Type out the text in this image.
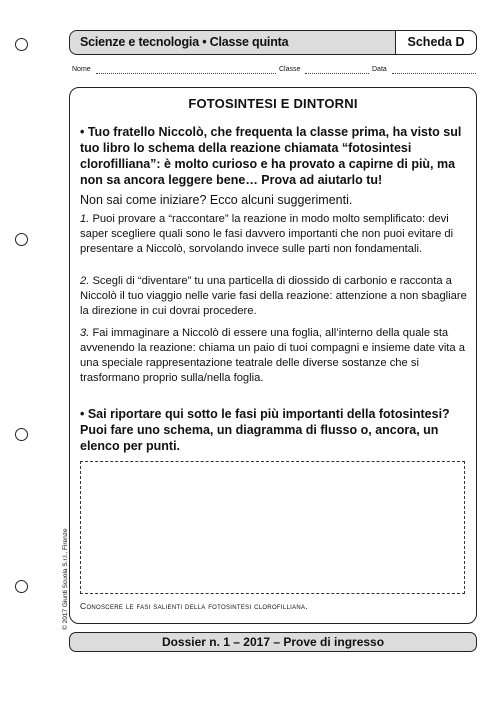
Scienze e tecnologia • Classe quinta	Scheda D
Nome	Classe	Data
FOTOSINTESI E DINTORNI
• Tuo fratello Niccolò, che frequenta la classe prima, ha visto sul tuo libro lo schema della reazione chiamata “fotosintesi clorofilliana”: è molto curioso e ha provato a capirne di più, ma non sa ancora leggere bene… Prova ad aiutarlo tu!
Non sai come iniziare? Ecco alcuni suggerimenti.
1. Puoi provare a “raccontare” la reazione in modo molto semplificato: devi saper scegliere quali sono le fasi davvero importanti che non puoi evitare di presentare a Niccolò, sorvolando invece sulle parti non fondamentali.
2. Scegli di “diventare” tu una particella di diossido di carbonio e racconta a Niccolò il tuo viaggio nelle varie fasi della reazione: attenzione a non sbagliare la direzione in cui dovrai procedere.
3. Fai immaginare a Niccolò di essere una foglia, all’interno della quale sta avvenendo la reazione: chiama un paio di tuoi compagni e insieme date vita a una speciale rappresentazione teatrale delle diverse sostanze che si trasformano proprio sulla/nella foglia.
• Sai riportare qui sotto le fasi più importanti della fotosintesi? Puoi fare uno schema, un diagramma di flusso o, ancora, un elenco per punti.
Conoscere le fasi salienti della fotosintesi clorofilliana.
© 2017 Giunti Scuola S.r.l., Firenze
Dossier n. 1 – 2017 – Prove di ingresso
